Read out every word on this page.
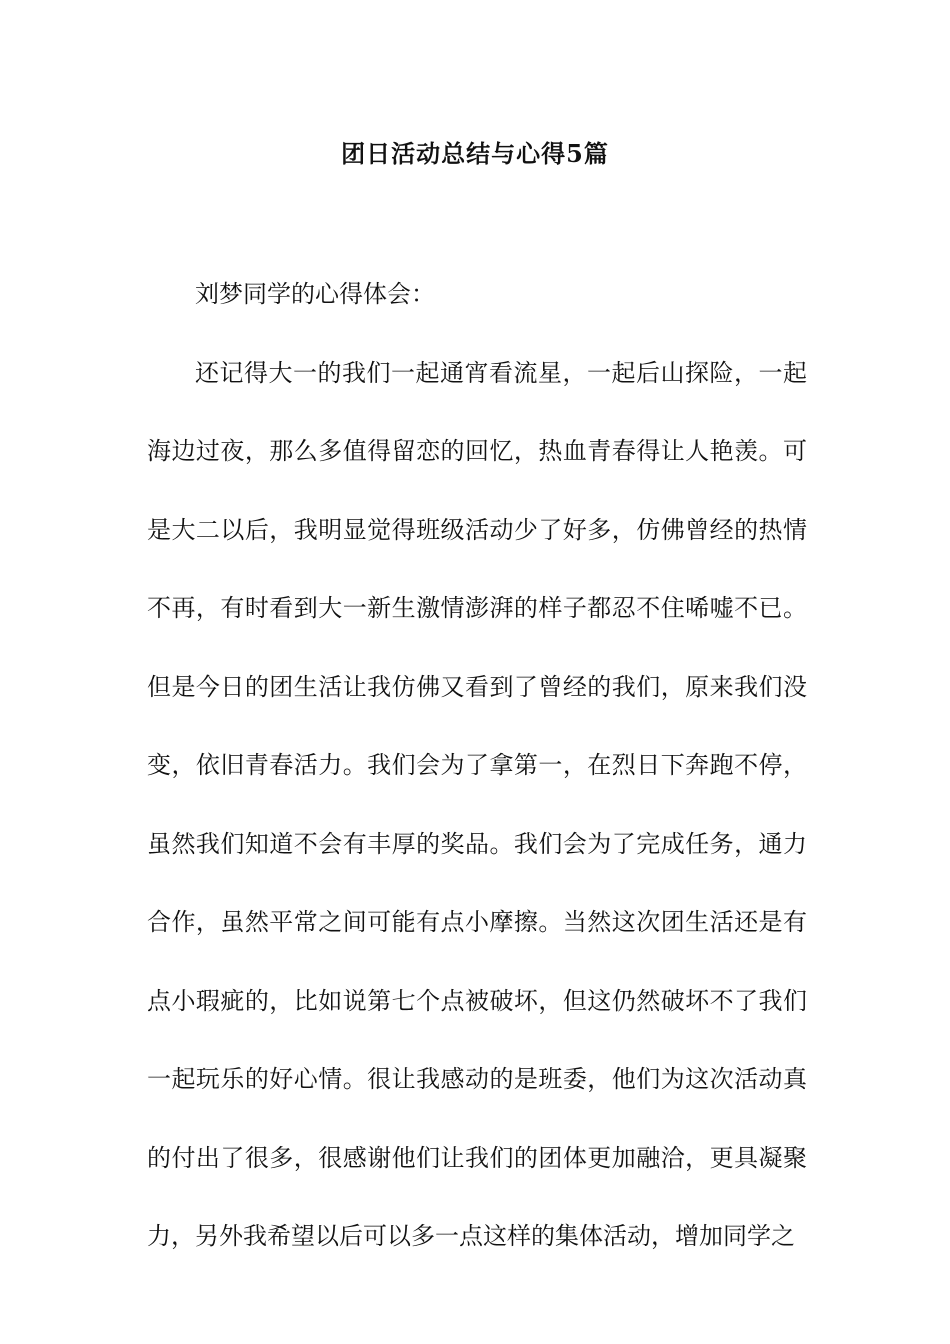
团日活动总结与心得5篇

刘梦同学的心得体会：

还记得大一的我们一起通宵看流星，一起后山探险，一起海边过夜，那么多值得留恋的回忆，热血青春得让人艳羡。可是大二以后，我明显觉得班级活动少了好多，仿佛曾经的热情不再，有时看到大一新生激情澎湃的样子都忍不住唏嘘不已。但是今日的团生活让我仿佛又看到了曾经的我们，原来我们没变，依旧青春活力。我们会为了拿第一，在烈日下奔跑不停，虽然我们知道不会有丰厚的奖品。我们会为了完成任务，通力合作，虽然平常之间可能有点小摩擦。当然这次团生活还是有点小瑕疵的，比如说第七个点被破坏，但这仍然破坏不了我们一起玩乐的好心情。很让我感动的是班委，他们为这次活动真的付出了很多，很感谢他们让我们的团体更加融洽，更具凝聚力，另外我希望以后可以多一点这样的集体活动，增加同学之
